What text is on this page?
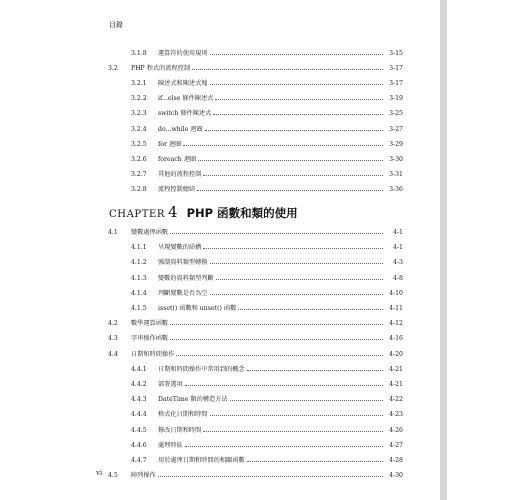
目錄
3.1.8 運算符的使用規則	3-15
3.2 PHP 程式的流程控制	3-17
3.2.1 陳述式和陳述式塊	3-17
3.2.2 if...else 條件陳述式	3-19
3.2.3 switch 條件陳述式	3-25
3.2.4 do...while 迴圈	3-27
3.2.5 for 迴圈	3-29
3.2.6 foreach 迴圈	3-30
3.2.7 其他的流程控制	3-31
3.2.8 流程控制總結	3-36
CHAPTER 4 PHP 函數和類的使用
4.1 變數處理函數	4-1
4.1.1 呈現變數的結構	4-1
4.1.2 強制資料類型轉換	4-3
4.1.3 變數的資料類型判斷	4-8
4.1.4 判斷變數是否為空	4-10
4.1.5 isset() 函數和 unset() 函數	4-11
4.2 數學運算函數	4-12
4.3 字串操作函數	4-16
4.4 日期和時間操作	4-20
4.4.1 日期和時間操作中常用到的概念	4-21
4.4.2 部署選項	4-21
4.4.3 DateTime 類的構造方法	4-22
4.4.4 格式化日期和時間	4-23
4.4.5 修改日期和時間	4-26
4.4.6 處理時區	4-27
4.4.7 用於處理日期和時間的相關函數	4-28
4.5 陣列操作	4-30
vi
